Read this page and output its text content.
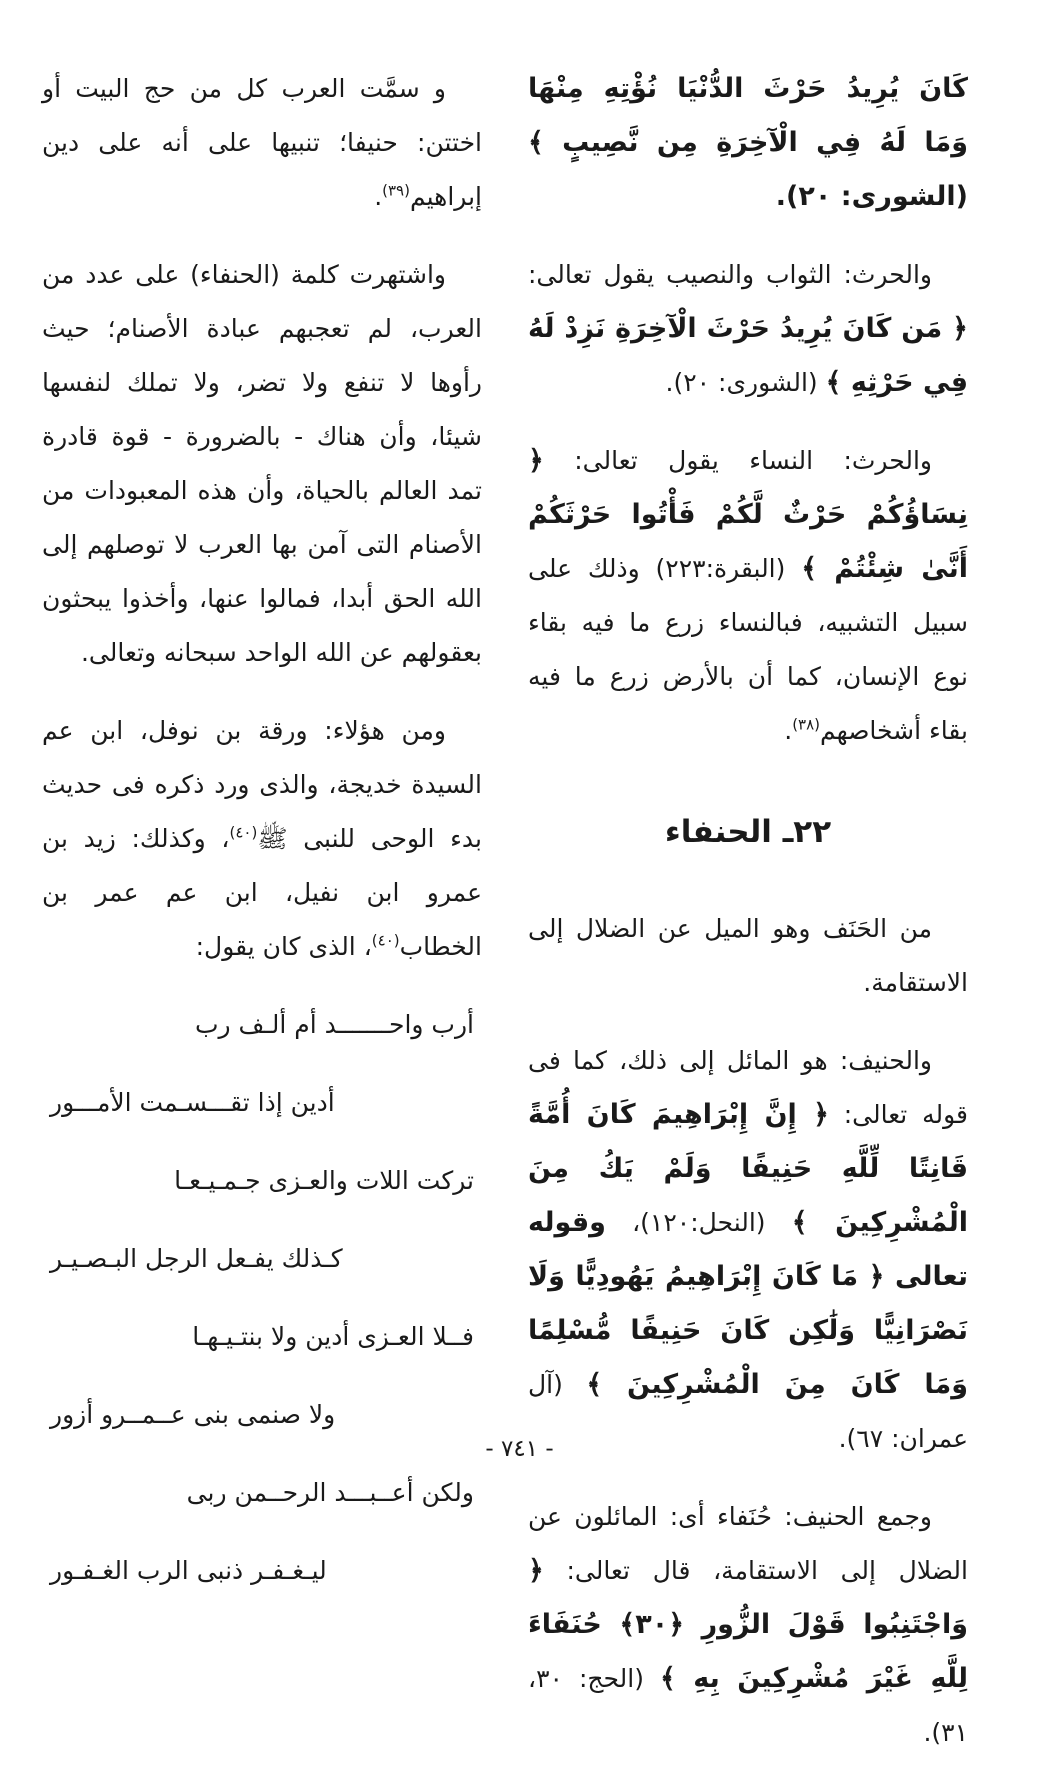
كَانَ يُرِيدُ حَرْثَ الدُّنْيَا نُؤْتِهِ مِنْهَا وَمَا لَهُ فِي الْآخِرَةِ مِن نَّصِيبٍ ﴾ (الشورى: ٢٠).

والحرث: الثواب والنصيب يقول تعالى: ﴿ مَن كَانَ يُرِيدُ حَرْثَ الْآخِرَةِ نَزِدْ لَهُ فِي حَرْثِهِ ﴾ (الشورى: ٢٠).

والحرث: النساء يقول تعالى: ﴿ نِسَاؤُكُمْ حَرْثٌ لَّكُمْ فَأْتُوا حَرْثَكُمْ أَنَّىٰ شِئْتُمْ ﴾ (البقرة:٢٢٣) وذلك على سبيل التشبيه، فبالنساء زرع ما فيه بقاء نوع الإنسان، كما أن بالأرض زرع ما فيه بقاء أشخاصهم$^{(٣٨)}$.

٢٢ـ الحنفاء

من الحَنَف وهو الميل عن الضلال إلى الاستقامة.

والحنيف: هو المائل إلى ذلك، كما فى قوله تعالى: ﴿ إِنَّ إِبْرَاهِيمَ كَانَ أُمَّةً قَانِتًا لِّلَّهِ حَنِيفًا وَلَمْ يَكُ مِنَ الْمُشْرِكِينَ ﴾ (النحل:١٢٠)، وقوله تعالى ﴿ مَا كَانَ إِبْرَاهِيمُ يَهُودِيًّا وَلَا نَصْرَانِيًّا وَلَٰكِن كَانَ حَنِيفًا مُّسْلِمًا وَمَا كَانَ مِنَ الْمُشْرِكِينَ ﴾ (آل عمران: ٦٧).

وجمع الحنيف: حُنَفاء أى: المائلون عن الضلال إلى الاستقامة، قال تعالى: ﴿ وَاجْتَنِبُوا قَوْلَ الزُّورِ ﴿٣٠﴾ حُنَفَاءَ لِلَّهِ غَيْرَ مُشْرِكِينَ بِهِ ﴾ (الحج: ٣٠، ٣١).

و سمَّت العرب كل من حج البيت أو اختتن: حنيفا؛ تنبيها على أنه على دين إبراهيم$^{(٣٩)}$.

واشتهرت كلمة (الحنفاء) على عدد من العرب، لم تعجبهم عبادة الأصنام؛ حيث رأوها لا تنفع ولا تضر، ولا تملك لنفسها شيئا، وأن هناك - بالضرورة - قوة قادرة تمد العالم بالحياة، وأن هذه المعبودات من الأصنام التى آمن بها العرب لا توصلهم إلى الله الحق أبدا، فمالوا عنها، وأخذوا يبحثون بعقولهم عن الله الواحد سبحانه وتعالى.

ومن هؤلاء: ورقة بن نوفل، ابن عم السيدة خديجة، والذى ورد ذكره فى حديث بدء الوحى للنبى ﷺ$^{(٤٠)}$، وكذلك: زيد بن عمرو ابن نفيل، ابن عم عمر بن الخطاب$^{(٤٠)}$، الذى كان يقول:

أرب واحـــــــد أم ألـف رب
أدين إذا تقـــسـمت الأمـــور
تركت اللات والعـزى جـمـيـعـا
كـذلك يفـعل الرجل البـصـيـر
فــلا العـزى أدين ولا بنتـيـهـا
ولا صنمى بنى عــمــرو أزور
ولكن أعــبـــد الرحــمن ربى
ليـغـفـر ذنبى الرب الغـفـور
- ٧٤١ -
